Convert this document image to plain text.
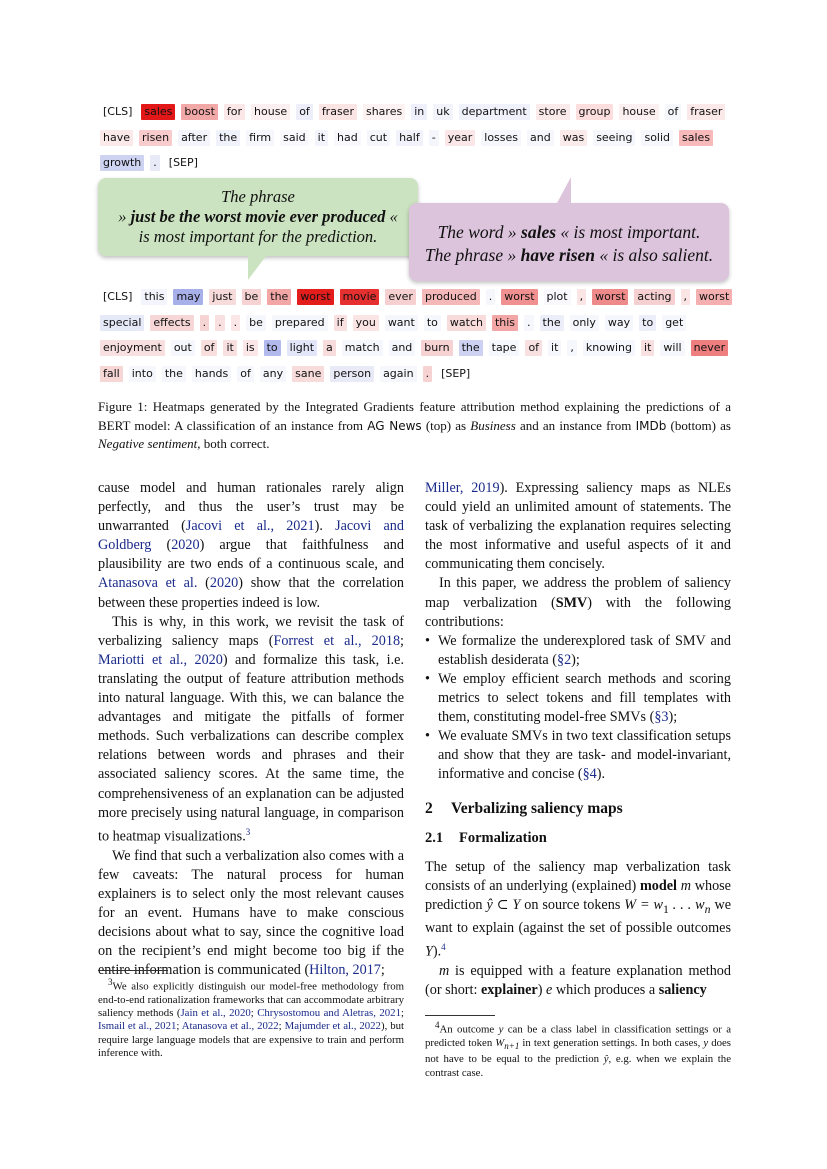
[CLS] sales boost for house of fraser shares in uk department store group house of fraser
have risen after the firm said it had cut half - year losses and was seeing solid sales
growth . [SEP]
The phrase
» just be the worst movie ever produced «
is most important for the prediction.	The word » sales « is most important.
The phrase » have risen « is also salient.
[CLS] this may just be the worst movie ever produced . worst plot , worst acting , worst
special effects . . . be prepared if you want to watch this . the only way to get
enjoyment out of it is to light a match and burn the tape of it , knowing it will never
fall into the hands of any sane person again . [SEP]
Figure 1: Heatmaps generated by the Integrated Gradients feature attribution method explaining the predictions of a BERT model: A classification of an instance from AG News (top) as Business and an instance from IMDb (bottom) as Negative sentiment, both correct.

cause model and human rationales rarely align perfectly, and thus the user’s trust may be unwarranted (Jacovi et al., 2021). Jacovi and Goldberg (2020) argue that faithfulness and plausibility are two ends of a continuous scale, and Atanasova et al. (2020) show that the correlation between these properties indeed is low.

This is why, in this work, we revisit the task of verbalizing saliency maps (Forrest et al., 2018; Mariotti et al., 2020) and formalize this task, i.e. translating the output of feature attribution methods into natural language. With this, we can balance the advantages and mitigate the pitfalls of former methods. Such verbalizations can describe complex relations between words and phrases and their associated saliency scores. At the same time, the comprehensiveness of an explanation can be adjusted more precisely using natural language, in comparison to heatmap visualizations.$^3$

We find that such a verbalization also comes with a few caveats: The natural process for human explainers is to select only the most relevant causes for an event. Humans have to make conscious decisions about what to say, since the cognitive load on the recipient’s end might become too big if the entire information is communicated (Hilton, 2017;

$^3$We also explicitly distinguish our model-free methodology from end-to-end rationalization frameworks that can accommodate arbitrary saliency methods (Jain et al., 2020; Chrysostomou and Aletras, 2021; Ismail et al., 2021; Atanasova et al., 2022; Majumder et al., 2022), but require large language models that are expensive to train and perform inference with.

Miller, 2019). Expressing saliency maps as NLEs could yield an unlimited amount of statements. The task of verbalizing the explanation requires selecting the most informative and useful aspects of it and communicating them concisely.

In this paper, we address the problem of saliency map verbalization (SMV) with the following contributions:

• We formalize the underexplored task of SMV and establish desiderata (§2);
• We employ efficient search methods and scoring metrics to select tokens and fill templates with them, constituting model-free SMVs (§3);
• We evaluate SMVs in two text classification setups and show that they are task- and model-invariant, informative and concise (§4).
2 Verbalizing saliency maps
2.1 Formalization

The setup of the saliency map verbalization task consists of an underlying (explained) model m whose prediction ŷ ⊂ Y on source tokens $W = w_1$ . . . $w_n$ we want to explain (against the set of possible outcomes Y).$^4$

m is equipped with a feature explanation method (or short: explainer) e which produces a saliency

$^4$An outcome y can be a class label in classification settings or a predicted token $W_{n+1}$ in text generation settings. In both cases, y does not have to be equal to the prediction ŷ, e.g. when we explain the contrast case.
